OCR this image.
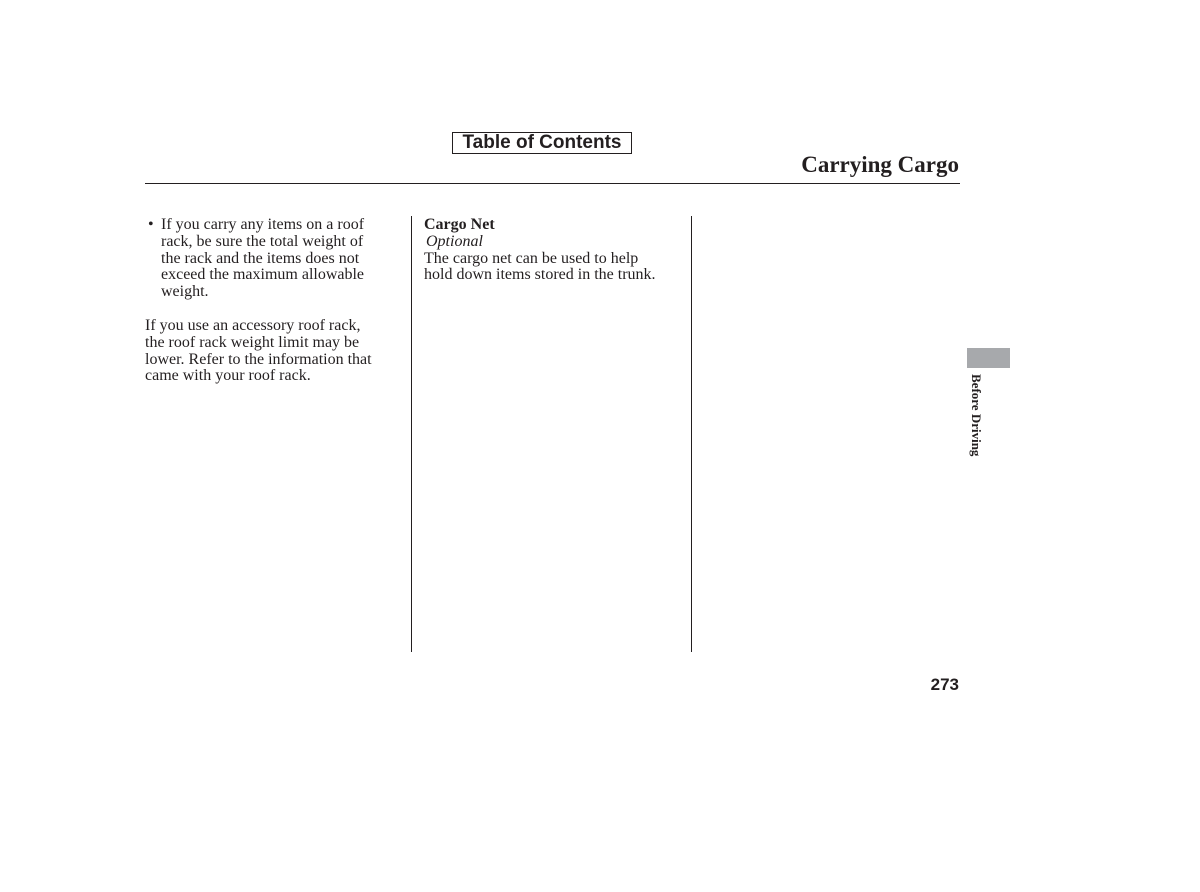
Table of Contents
Carrying Cargo
• If you carry any items on a roof
rack, be sure the total weight of
the rack and the items does not
exceed the maximum allowable
weight.
If you use an accessory roof rack,
the roof rack weight limit may be
lower. Refer to the information that
came with your roof rack.
Cargo Net
Optional
The cargo net can be used to help
hold down items stored in the trunk.
Before Driving
273
